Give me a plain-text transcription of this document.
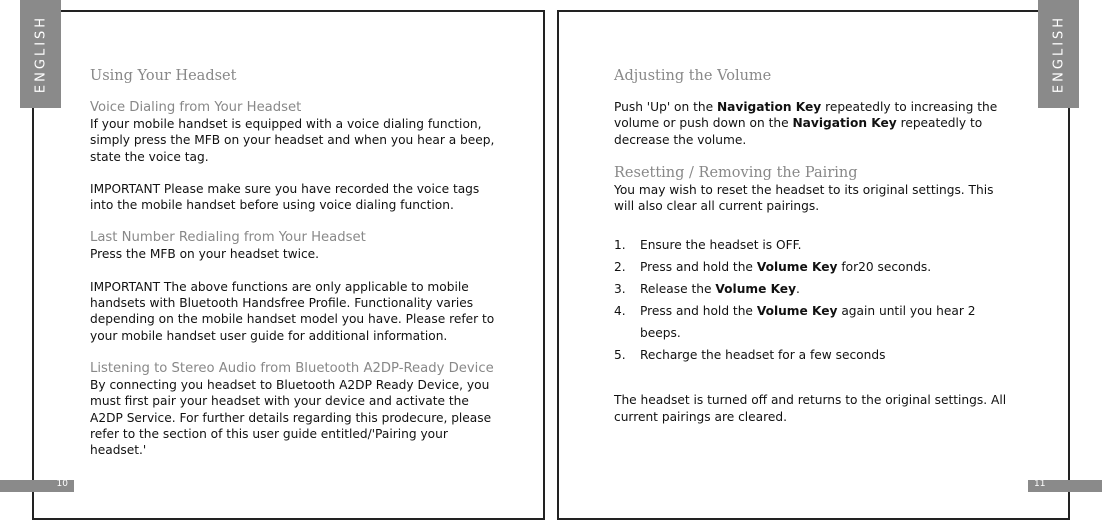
ENGLISH
10
Using Your Headset
Voice Dialing from Your Headset
If your mobile handset is equipped with a voice dialing function, simply press the MFB on your headset and when you hear a beep, state the voice tag.
IMPORTANT Please make sure you have recorded the voice tags into the mobile handset before using voice dialing function.
Last Number Redialing from Your Headset
Press the MFB on your headset twice.
IMPORTANT The above functions are only applicable to mobile handsets with Bluetooth Handsfree Profile. Functionality varies depending on the mobile handset model you have. Please refer to your mobile handset user guide for additional information.
Listening to Stereo Audio from Bluetooth A2DP-Ready Device
By connecting you headset to Bluetooth A2DP Ready Device, you must first pair your headset with your device and activate the A2DP Service. For further details regarding this prodecure, please refer to the section of this user guide entitled/'Pairing your headset.'
ENGLISH
11
Adjusting the Volume
Push 'Up' on the Navigation Key repeatedly to increasing the volume or push down on the Navigation Key repeatedly to decrease the volume.
Resetting / Removing the Pairing
You may wish to reset the headset to its original settings. This will also clear all current pairings.
1. Ensure the headset is OFF.
2. Press and hold the Volume Key for20 seconds.
3. Release the Volume Key.
4. Press and hold the Volume Key again until you hear 2 beeps.
5. Recharge the headset for a few seconds
The headset is turned off and returns to the original settings. All current pairings are cleared.
